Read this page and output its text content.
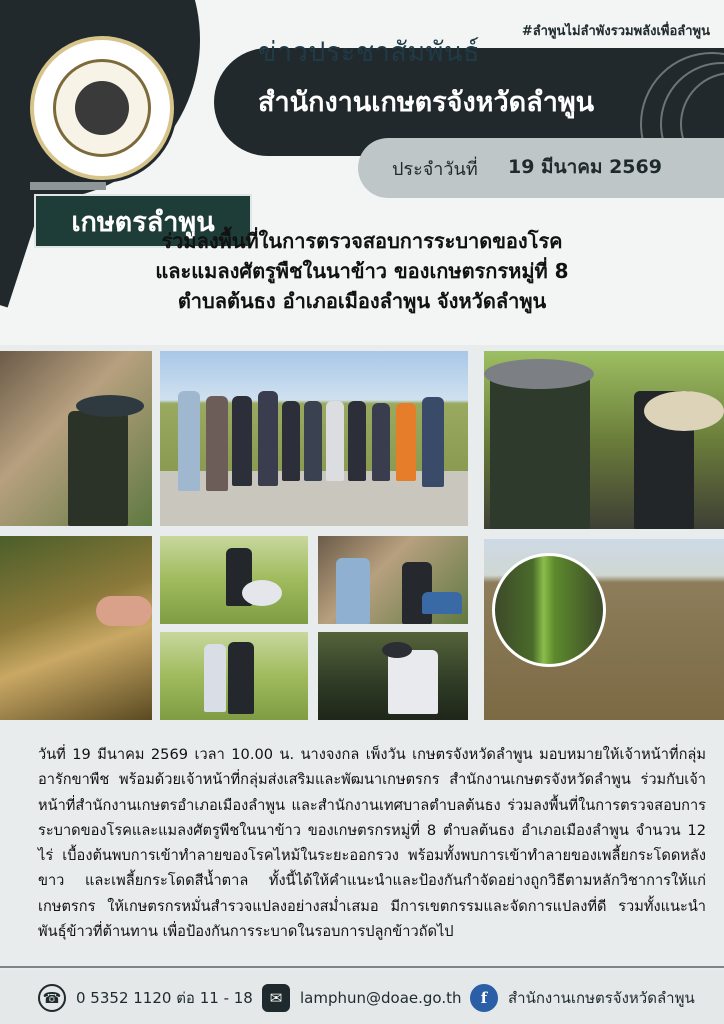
#ลำพูนไม่ลำพังรวมพลังเพื่อลำพูน
ข่าวประชาสัมพันธ์
สำนักงานเกษตรจังหวัดลำพูน
ประจำวันที่ 19 มีนาคม 2569
เกษตรลำพูน
ร่วมลงพื้นที่ในการตรวจสอบการระบาดของโรค
และแมลงศัตรูพืชในนาข้าว ของเกษตรกรหมู่ที่ 8
ตำบลต้นธง อำเภอเมืองลำพูน จังหวัดลำพูน
วันที่ 19 มีนาคม 2569 เวลา 10.00 น. นางจงกล เพ็งวัน เกษตรจังหวัดลำพูน มอบหมายให้เจ้าหน้าที่กลุ่มอารักขาพืช พร้อมด้วยเจ้าหน้าที่กลุ่มส่งเสริมและพัฒนาเกษตรกร สำนักงานเกษตรจังหวัดลำพูน ร่วมกับเจ้าหน้าที่สำนักงานเกษตรอำเภอเมืองลำพูน และสำนักงานเทศบาลตำบลต้นธง ร่วมลงพื้นที่ในการตรวจสอบการระบาดของโรคและแมลงศัตรูพืชในนาข้าว ของเกษตรกรหมู่ที่ 8 ตำบลต้นธง อำเภอเมืองลำพูน จำนวน 12 ไร่ เบื้องต้นพบการเข้าทำลายของโรคไหม้ในระยะออกรวง พร้อมทั้งพบการเข้าทำลายของเพลี้ยกระโดดหลังขาว และเพลี้ยกระโดดสีน้ำตาล ทั้งนี้ได้ให้คำแนะนำและป้องกันกำจัดอย่างถูกวิธีตามหลักวิชาการให้แก่เกษตรกร ให้เกษตรกรหมั่นสำรวจแปลงอย่างสม่ำเสมอ มีการเขตกรรมและจัดการแปลงที่ดี รวมทั้งแนะนำพันธุ์ข้าวที่ต้านทาน เพื่อป้องกันการระบาดในรอบการปลูกข้าวถัดไป
☎ 0 5352 1120 ต่อ 11 - 18	✉	lamphun@doae.go.th	f	สำนักงานเกษตรจังหวัดลำพูน
